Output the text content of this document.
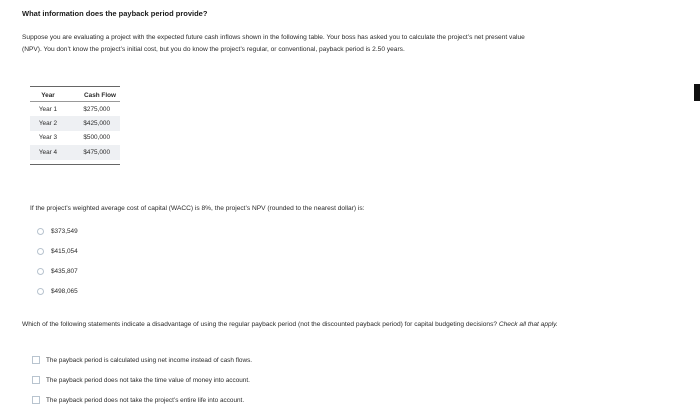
What information does the payback period provide?
Suppose you are evaluating a project with the expected future cash inflows shown in the following table. Your boss has asked you to calculate the project’s net present value (NPV). You don’t know the project’s initial cost, but you do know the project’s regular, or conventional, payback period is 2.50 years.
Year	Cash Flow
Year 1	$275,000
Year 2	$425,000
Year 3	$500,000
Year 4	$475,000

If the project’s weighted average cost of capital (WACC) is 8%, the project’s NPV (rounded to the nearest dollar) is:
$373,549
$415,054
$435,807
$498,065
Which of the following statements indicate a disadvantage of using the regular payback period (not the discounted payback period) for capital budgeting decisions? Check all that apply.
The payback period is calculated using net income instead of cash flows.
The payback period does not take the time value of money into account.
The payback period does not take the project’s entire life into account.
